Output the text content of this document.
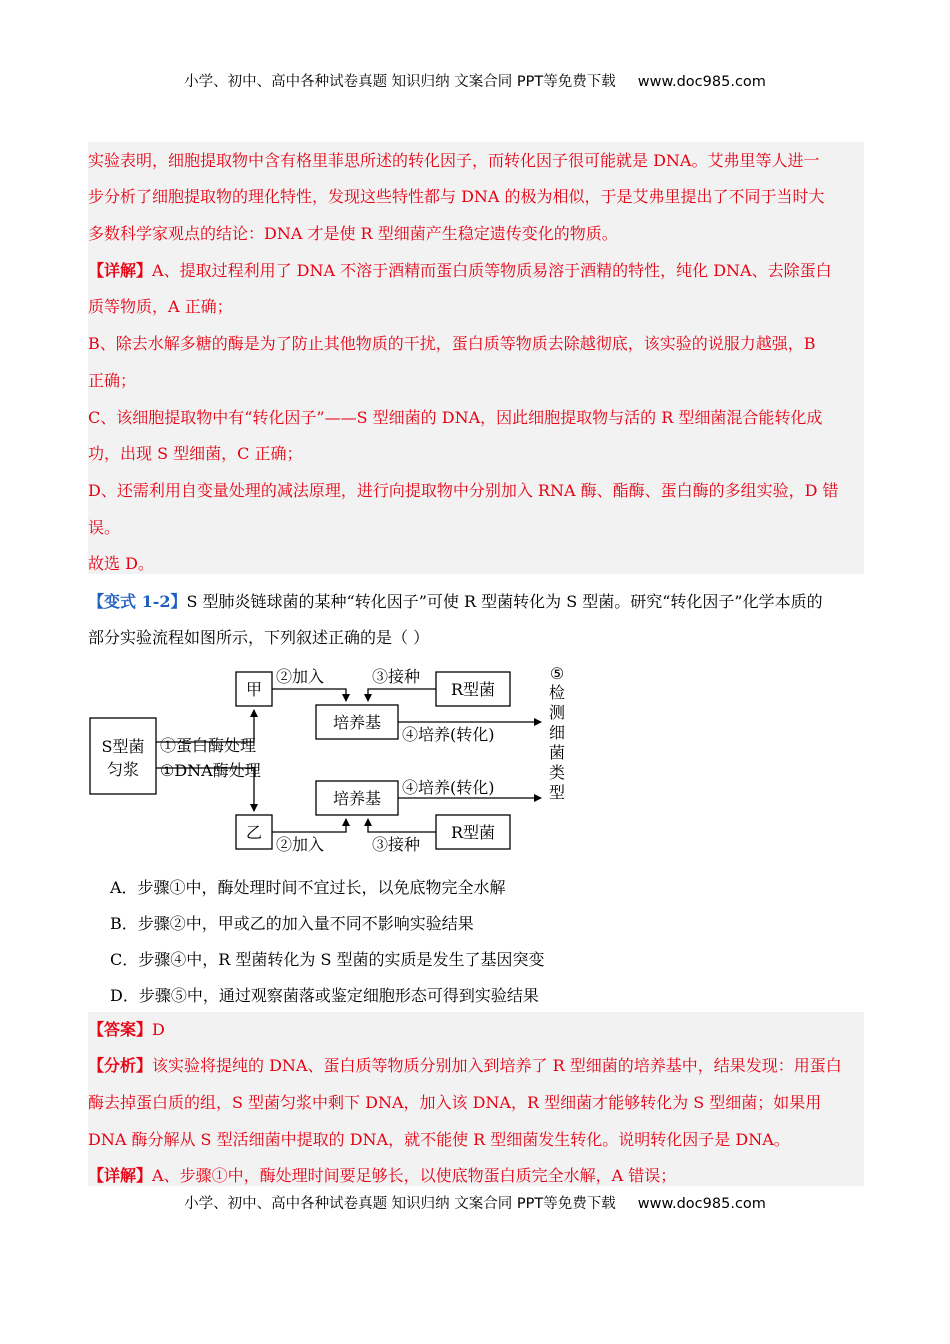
小学、初中、高中各种试卷真题 知识归纳 文案合同 PPT等免费下载 www.doc985.com
实验表明，细胞提取物中含有格里菲思所述的转化因子，而转化因子很可能就是 DNA。艾弗里等人进一
步分析了细胞提取物的理化特性，发现这些特性都与 DNA 的极为相似，于是艾弗里提出了不同于当时大
多数科学家观点的结论：DNA 才是使 R 型细菌产生稳定遗传变化的物质。
【详解】A、提取过程利用了 DNA 不溶于酒精而蛋白质等物质易溶于酒精的特性，纯化 DNA、去除蛋白
质等物质，A 正确；
B、除去水解多糖的酶是为了防止其他物质的干扰，蛋白质等物质去除越彻底，该实验的说服力越强，B
正确；
C、该细胞提取物中有“转化因子”——S 型细菌的 DNA，因此细胞提取物与活的 R 型细菌混合能转化成
功，出现 S 型细菌，C 正确；
D、还需利用自变量处理的减法原理，进行向提取物中分别加入 RNA 酶、酯酶、蛋白酶的多组实验，D 错
误。
故选 D。
【变式 1-2】S 型肺炎链球菌的某种“转化因子”可使 R 型菌转化为 S 型菌。研究“转化因子”化学本质的
部分实验流程如图所示，下列叙述正确的是（ ）
S型菌
匀浆
甲
乙
培养基
培养基
R型菌
R型菌
②加入
②加入
③接种
③接种
④培养(转化)
④培养(转化)
①蛋白酶处理
①DNA酶处理
⑤
检
测
细
菌
类
型
A．步骤①中，酶处理时间不宜过长，以免底物完全水解
B．步骤②中，甲或乙的加入量不同不影响实验结果
C．步骤④中，R 型菌转化为 S 型菌的实质是发生了基因突变
D．步骤⑤中，通过观察菌落或鉴定细胞形态可得到实验结果
【答案】D
【分析】该实验将提纯的 DNA、蛋白质等物质分别加入到培养了 R 型细菌的培养基中，结果发现：用蛋白
酶去掉蛋白质的组，S 型菌匀浆中剩下 DNA，加入该 DNA，R 型细菌才能够转化为 S 型细菌；如果用
DNA 酶分解从 S 型活细菌中提取的 DNA，就不能使 R 型细菌发生转化。说明转化因子是 DNA。
【详解】A、步骤①中，酶处理时间要足够长，以使底物蛋白质完全水解，A 错误；
小学、初中、高中各种试卷真题 知识归纳 文案合同 PPT等免费下载 www.doc985.com
